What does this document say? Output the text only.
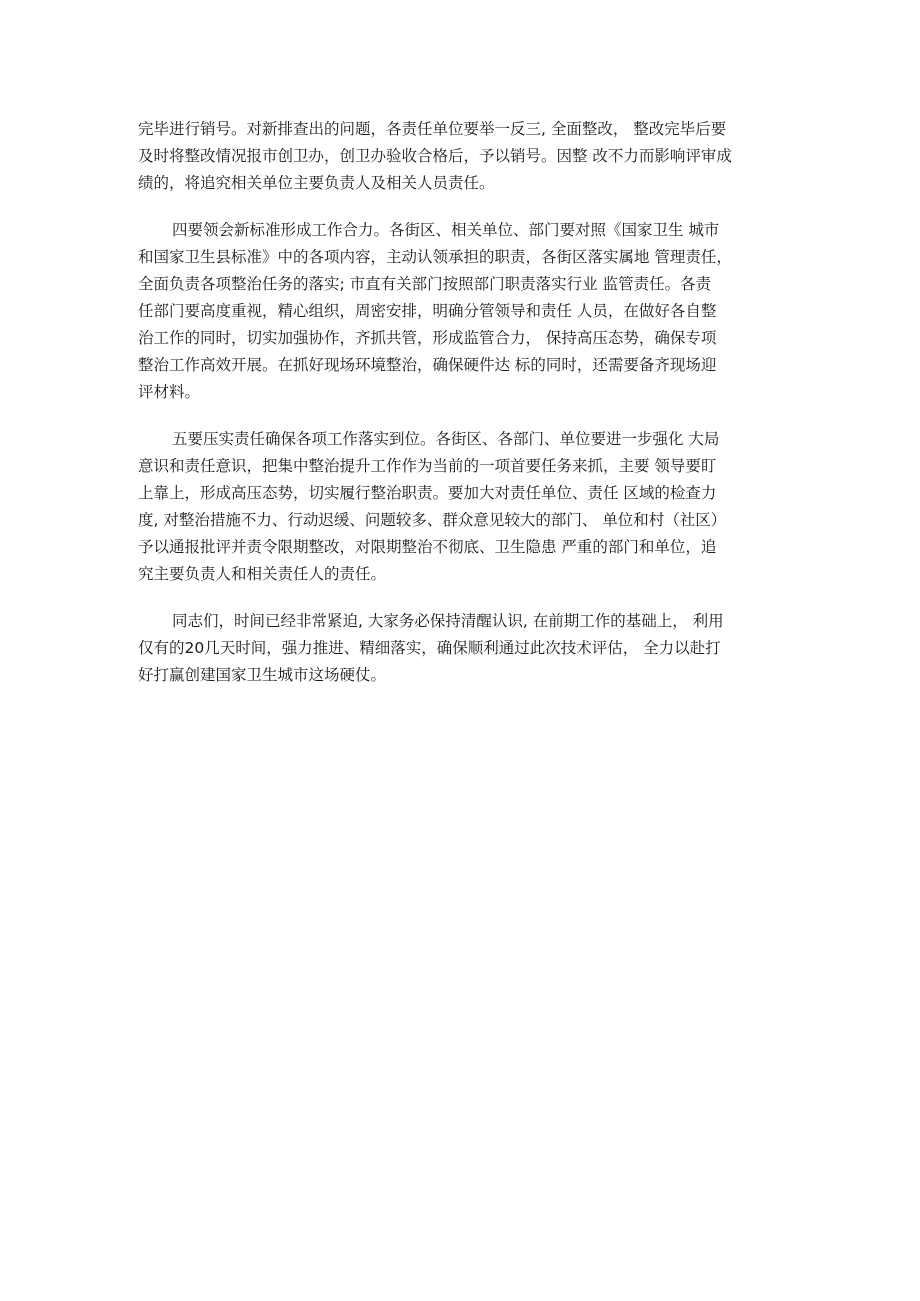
完毕进行销号。对新排查出的问题，各责任单位要举一反三, 全面整改， 整改完毕后要
及时将整改情况报市创卫办，创卫办验收合格后，予以销号。因整 改不力而影响评审成
绩的，将追究相关单位主要负责人及相关人员责任。

四要领会新标准形成工作合力。各街区、相关单位、部门要对照《国家卫生 城市
和国家卫生县标准》中的各项内容，主动认领承担的职责，各街区落实属地 管理责任，
全面负责各项整治任务的落实; 市直有关部门按照部门职责落实行业 监管责任。各责
任部门要高度重视，精心组织，周密安排，明确分管领导和责任 人员，在做好各自整
治工作的同时，切实加强协作，齐抓共管，形成监管合力， 保持高压态势，确保专项
整治工作高效开展。在抓好现场环境整治，确保硬件达 标的同时，还需要备齐现场迎
评材料。

五要压实责任确保各项工作落实到位。各街区、各部门、单位要进一步强化 大局
意识和责任意识，把集中整治提升工作作为当前的一项首要任务来抓，主要 领导要盯
上靠上，形成高压态势，切实履行整治职责。要加大对责任单位、责任 区域的检查力
度, 对整治措施不力、行动迟缓、问题较多、群众意见较大的部门、 单位和村（社区）
予以通报批评并责令限期整改，对限期整治不彻底、卫生隐患 严重的部门和单位，追
究主要负责人和相关责任人的责任。

同志们，时间已经非常紧迫, 大家务必保持清醒认识, 在前期工作的基础上， 利用
仅有的20几天时间，强力推进、精细落实，确保顺利通过此次技术评估， 全力以赴打
好打赢创建国家卫生城市这场硬仗。
